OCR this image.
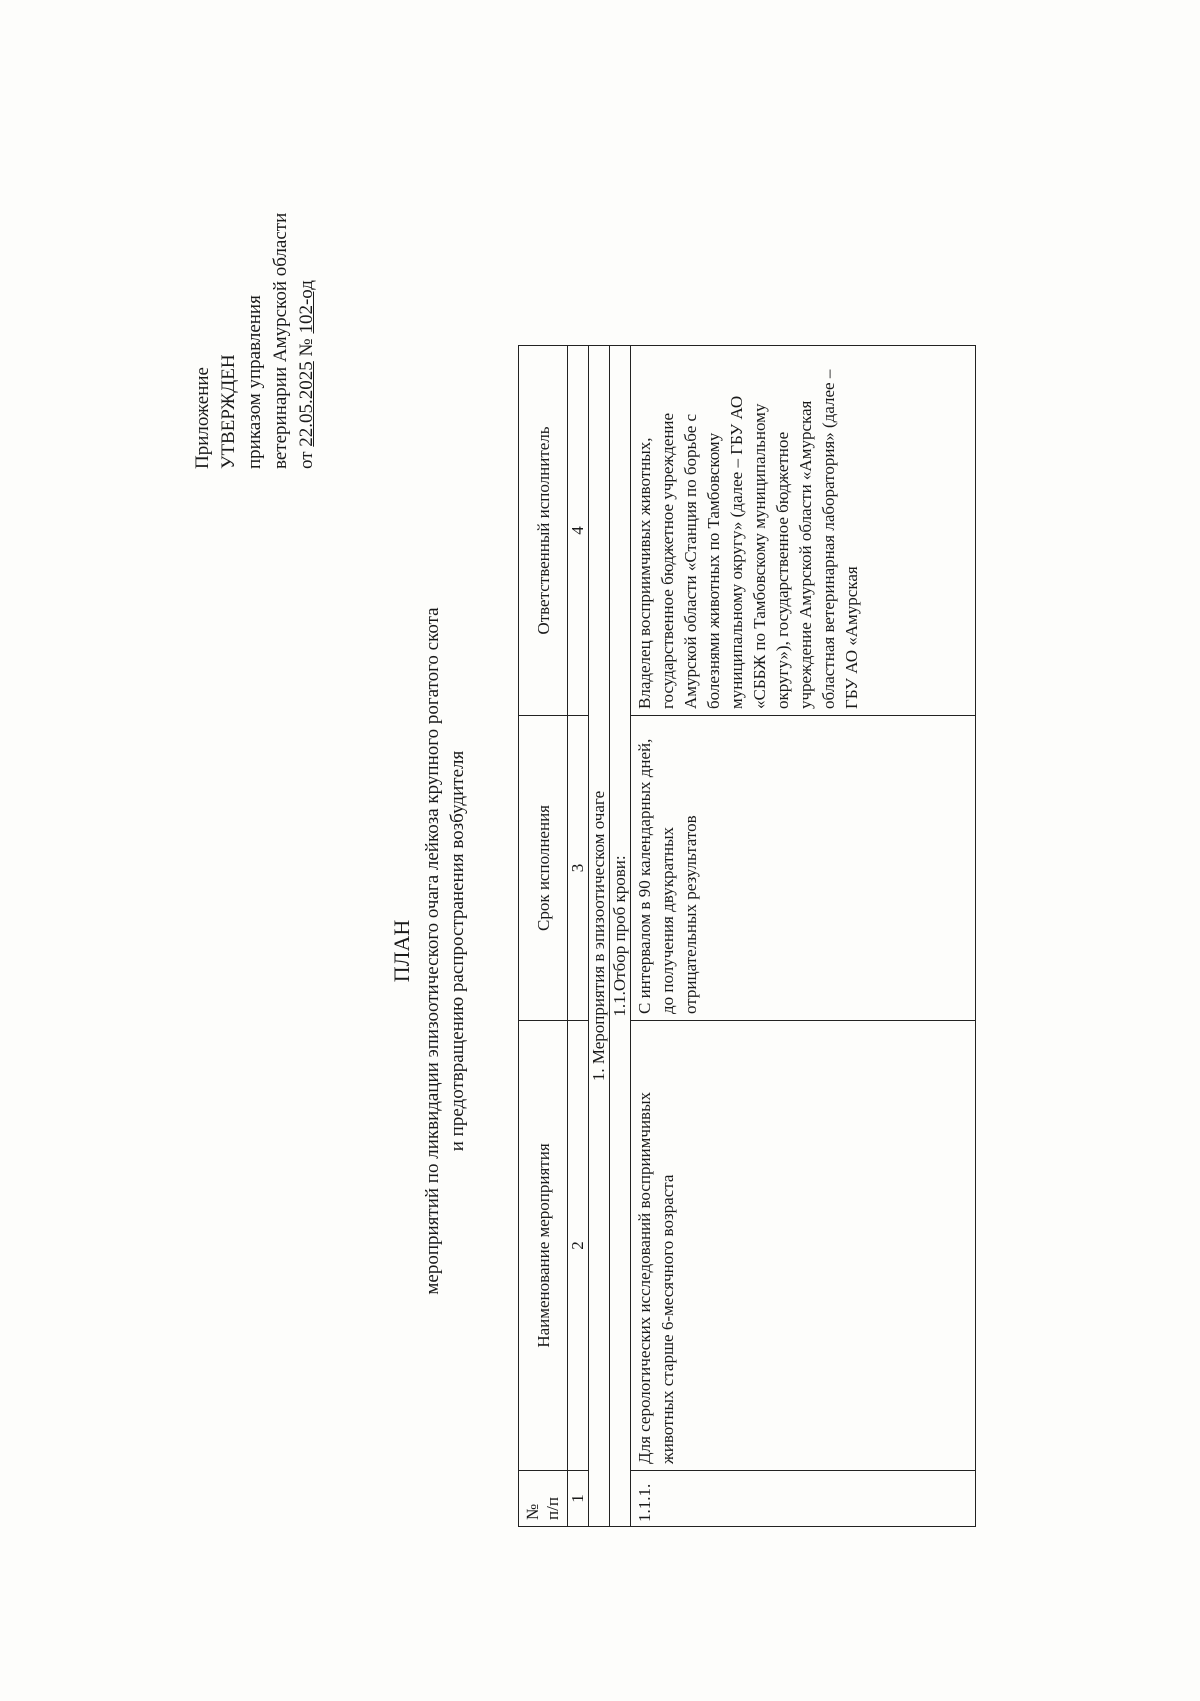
Приложение УТВЕРЖДЕН приказом управления ветеринарии Амурской области от 22.05.2025 № 102-од
ПЛАН мероприятий по ликвидации эпизоотического очага лейкоза крупного рогатого скота и предотвращению распространения возбудителя
№ п/п	Наименование мероприятия	Срок исполнения	Ответственный исполнитель
1	2	3	4
1. Мероприятия в эпизоотическом очаге			
1.1.Отбор проб крови:			
1.1.1.	Для серологических исследований восприимчивых животных старше 6-месячного возраста	С интервалом в 90 календарных дней, до получения двукратных отрицательных результатов	Владелец восприимчивых животных, государственное бюджетное учреждение Амурской области «Станция по борьбе с болезнями животных по Тамбовскому муниципальному округу» (далее – ГБУ АО «СББЖ по Тамбовскому муниципальному округу»), государственное бюджетное учреждение Амурской области «Амурская областная ветеринарная лаборатория» (далее – ГБУ АО «Амурская
